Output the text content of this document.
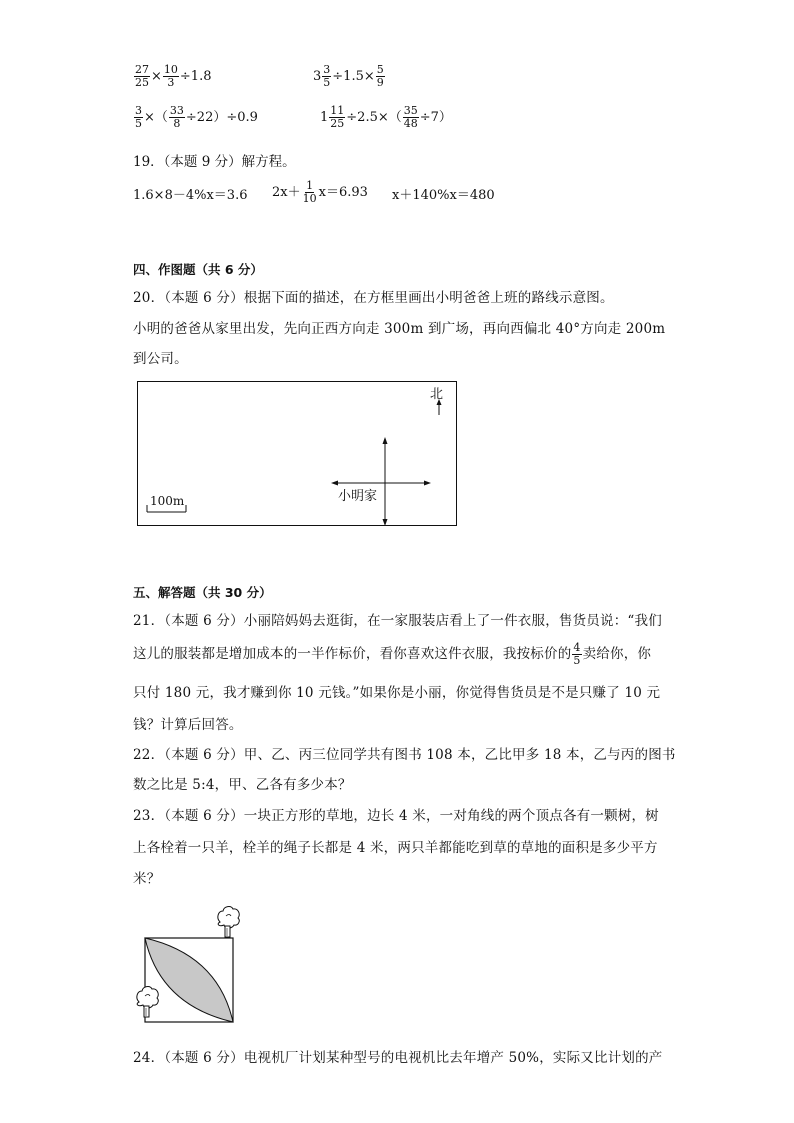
$\frac{27}{25} \times \frac{10}{3} \div 1.8$	$3 \frac{3}{5} \div 1.5\times \frac{5}{9}$
$\frac{3}{5}$ ×（ $\frac{33}{8} \div 22)\div 0.9$	$1 \frac{11}{25} \div 2.5\times( \frac{35}{48} \div 7)$
19．（本题 9 分）解方程。
1.6×8－4%x＝3.6 $2x+ \frac{1}{10} x=6.93$ x＋140%x＝480
四、作图题（共 6 分）
20．（本题 6 分）根据下面的描述，在方框里画出小明爸爸上班的路线示意图。
小明的爸爸从家里出发，先向正西方向走 300m 到广场，再向西偏北 40°方向走 200m
到公司。
北
小明家
100m
五、解答题（共 30 分）
21．（本题 6 分）小丽陪妈妈去逛街，在一家服装店看上了一件衣服，售货员说：“我们
这儿的服装都是增加成本的一半作标价，看你喜欢这件衣服，我按标价的 $\frac{4}{5}$ 卖给你，你
只付 180 元，我才赚到你 10 元钱。”如果你是小丽，你觉得售货员是不是只赚了 10 元
钱？计算后回答。
22．（本题 6 分）甲、乙、丙三位同学共有图书 108 本，乙比甲多 18 本，乙与丙的图书
数之比是 5:4，甲、乙各有多少本？
23．（本题 6 分）一块正方形的草地，边长 4 米，一对角线的两个顶点各有一颗树，树
上各栓着一只羊，栓羊的绳子长都是 4 米，两只羊都能吃到草的草地的面积是多少平方
米？
24．（本题 6 分）电视机厂计划某种型号的电视机比去年增产 50%，实际又比计划的产
